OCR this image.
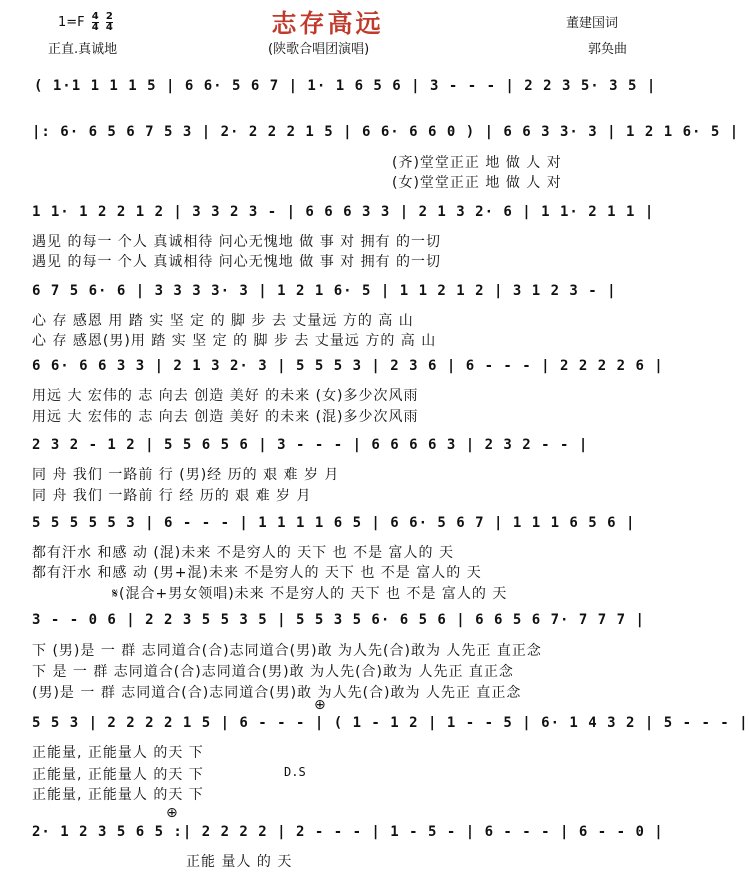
志存高远
$1=F \frac{4}{4}$
$\frac{2}{4}$
正直.真诚地	(陕歌合唱团演唱)
董建国词
郭奂曲
( 1·1 1 1 1 5 | 6 6· 5 6 7 | 1· 1 6 5 6 | 3 - - - | 2 2 3 5· 3 5 |
|: 6· 6 5 6 7 5 3 | 2· 2 2 2 1 5 | 6 6· 6 6 0 ) | 6 6 3 3· 3 | 1 2 1 6· 5 |
(齐)堂堂正正 地 做 人 对
(女)堂堂正正 地 做 人 对
1 1· 1 2 2 1 2 | 3 3 2 3 - | 6 6 6 3 3 | 2 1 3 2· 6 | 1 1· 2 1 1 |
遇见 的每一 个人 真诚相待 问心无愧地 做 事 对 拥有 的一切
遇见 的每一 个人 真诚相待 问心无愧地 做 事 对 拥有 的一切
6 7 5 6· 6 | 3 3 3 3· 3 | 1 2 1 6· 5 | 1 1 2 1 2 | 3 1 2 3 - |
心 存 感恩 用 踏 实 坚 定 的 脚 步 去 丈量远 方的 高 山
心 存 感恩(男)用 踏 实 坚 定 的 脚 步 去 丈量远 方的 高 山
6 6· 6 6 3 3 | 2 1 3 2· 3 | 5 5 5 3 | 2 3 6 | 6 - - - | 2 2 2 2 6 |
用远 大 宏伟的 志 向去 创造 美好 的未来 (女)多少次风雨
用远 大 宏伟的 志 向去 创造 美好 的未来 (混)多少次风雨
2 3 2 - 1 2 | 5 5 6 5 6 | 3 - - - | 6 6 6 6 3 | 2 3 2 - - |
同 舟 我们 一路前 行 (男)经 历的 艰 难 岁 月
同 舟 我们 一路前 行 经 历的 艰 难 岁 月
5 5 5 5 5 3 | 6 - - - | 1 1 1 1 6 5 | 6 6· 5 6 7 | 1 1 1 6 5 6 |
都有汗水 和感 动 (混)未来 不是穷人的 天下 也 不是 富人的 天
都有汗水 和感 动 (男+混)未来 不是穷人的 天下 也 不是 富人的 天
𝄋(混合+男女领唱)未来 不是穷人的 天下 也 不是 富人的 天
3 - - 0 6 | 2 2 3 5 5 3 5 | 5 5 3 5 6· 6 5 6 | 6 6 5 6 7· 7 7 7 |
下 (男)是 一 群 志同道合(合)志同道合(男)敢 为人先(合)敢为 人先正 直正念
下 是 一 群 志同道合(合)志同道合(男)敢 为人先(合)敢为 人先正 直正念
(男)是 一 群 志同道合(合)志同道合(男)敢 为人先(合)敢为 人先正 直正念
⊕
5 5 3 | 2 2 2 2 1 5 | 6 - - - | ( 1 - 1 2 | 1 - - 5 | 6· 1 4 3 2 | 5 - - - |
正能量, 正能量人 的天 下
正能量, 正能量人 的天 下
正能量, 正能量人 的天 下
D.S
⊕
2· 1 2 3 5 6 5 :| 2 2 2 2 | 2 - - - | 1 - 5 - | 6 - - - | 6 - - 0 |
正能 量人 的 天
